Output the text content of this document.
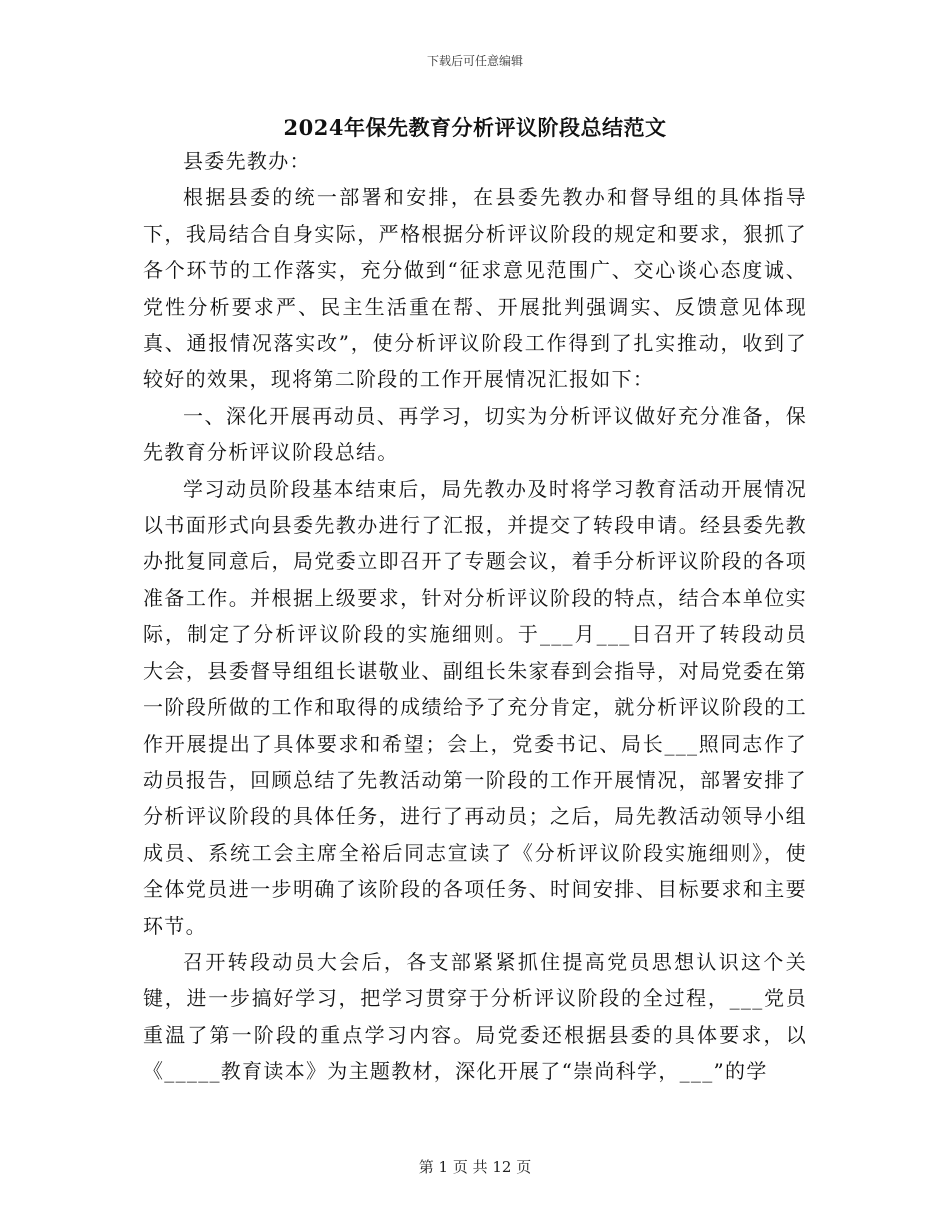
下载后可任意编辑
2024年保先教育分析评议阶段总结范文

县委先教办：

根据县委的统一部署和安排，在县委先教办和督导组的具体指导下，我局结合自身实际，严格根据分析评议阶段的规定和要求，狠抓了各个环节的工作落实，充分做到“征求意见范围广、交心谈心态度诚、党性分析要求严、民主生活重在帮、开展批判强调实、反馈意见体现真、通报情况落实改”，使分析评议阶段工作得到了扎实推动，收到了较好的效果，现将第二阶段的工作开展情况汇报如下：

一、深化开展再动员、再学习，切实为分析评议做好充分准备，保先教育分析评议阶段总结。

学习动员阶段基本结束后，局先教办及时将学习教育活动开展情况以书面形式向县委先教办进行了汇报，并提交了转段申请。经县委先教办批复同意后，局党委立即召开了专题会议，着手分析评议阶段的各项准备工作。并根据上级要求，针对分析评议阶段的特点，结合本单位实际，制定了分析评议阶段的实施细则。于___月___日召开了转段动员大会，县委督导组组长谌敬业、副组长朱家春到会指导，对局党委在第一阶段所做的工作和取得的成绩给予了充分肯定，就分析评议阶段的工作开展提出了具体要求和希望；会上，党委书记、局长___照同志作了动员报告，回顾总结了先教活动第一阶段的工作开展情况，部署安排了分析评议阶段的具体任务，进行了再动员；之后，局先教活动领导小组成员、系统工会主席全裕后同志宣读了《分析评议阶段实施细则》，使全体党员进一步明确了该阶段的各项任务、时间安排、目标要求和主要环节。

召开转段动员大会后，各支部紧紧抓住提高党员思想认识这个关键，进一步搞好学习，把学习贯穿于分析评议阶段的全过程，___党员重温了第一阶段的重点学习内容。局党委还根据县委的具体要求，以《_____教育读本》为主题教材，深化开展了“崇尚科学，___”的学

第 1 页 共 12 页
